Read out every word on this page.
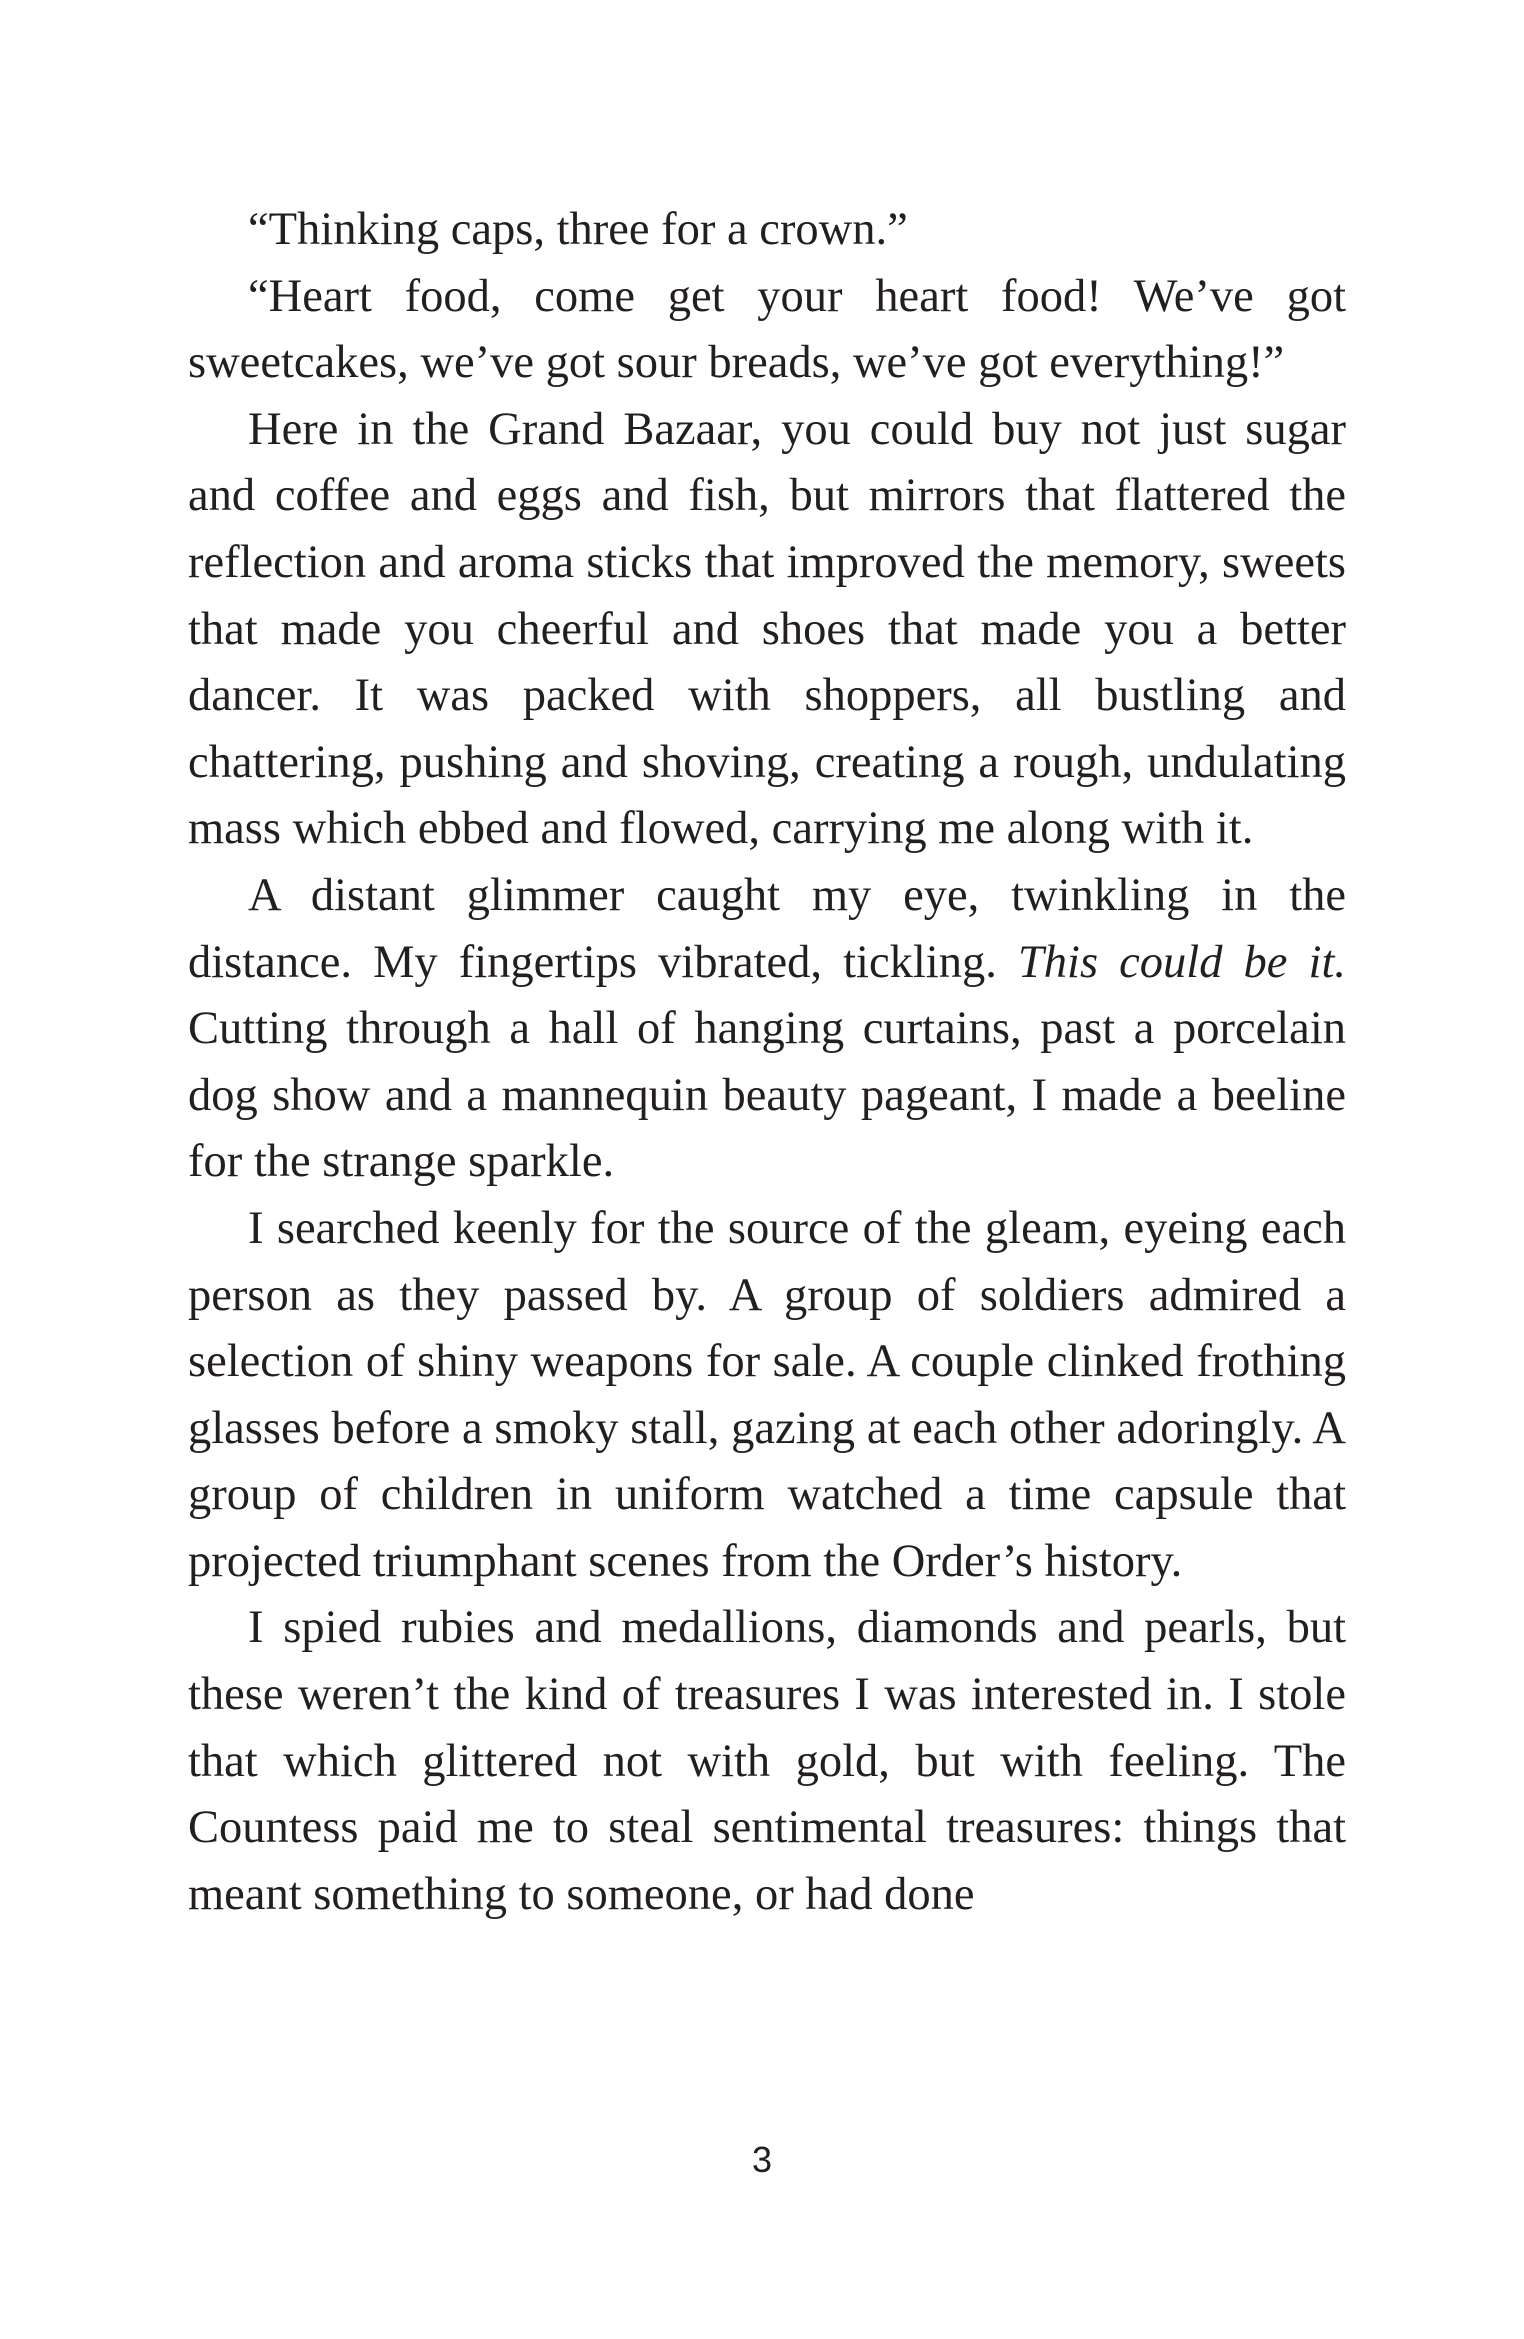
“Thinking caps, three for a crown.”

“Heart food, come get your heart food! We’ve got sweetcakes, we’ve got sour breads, we’ve got everything!”

Here in the Grand Bazaar, you could buy not just sugar and coffee and eggs and fish, but mirrors that flattered the reflection and aroma sticks that improved the memory, sweets that made you cheerful and shoes that made you a better dancer. It was packed with shoppers, all bustling and chattering, pushing and shoving, creating a rough, undulating mass which ebbed and flowed, carrying me along with it.

A distant glimmer caught my eye, twinkling in the distance. My fingertips vibrated, tickling. This could be it. Cutting through a hall of hanging curtains, past a porcelain dog show and a mannequin beauty pageant, I made a beeline for the strange sparkle.

I searched keenly for the source of the gleam, eyeing each person as they passed by. A group of soldiers admired a selection of shiny weapons for sale. A couple clinked frothing glasses before a smoky stall, gazing at each other adoringly. A group of children in uniform watched a time capsule that projected triumphant scenes from the Order’s history.

I spied rubies and medallions, diamonds and pearls, but these weren’t the kind of treasures I was interested in. I stole that which glittered not with gold, but with feeling. The Countess paid me to steal sentimental treasures: things that meant something to someone, or had done

3
